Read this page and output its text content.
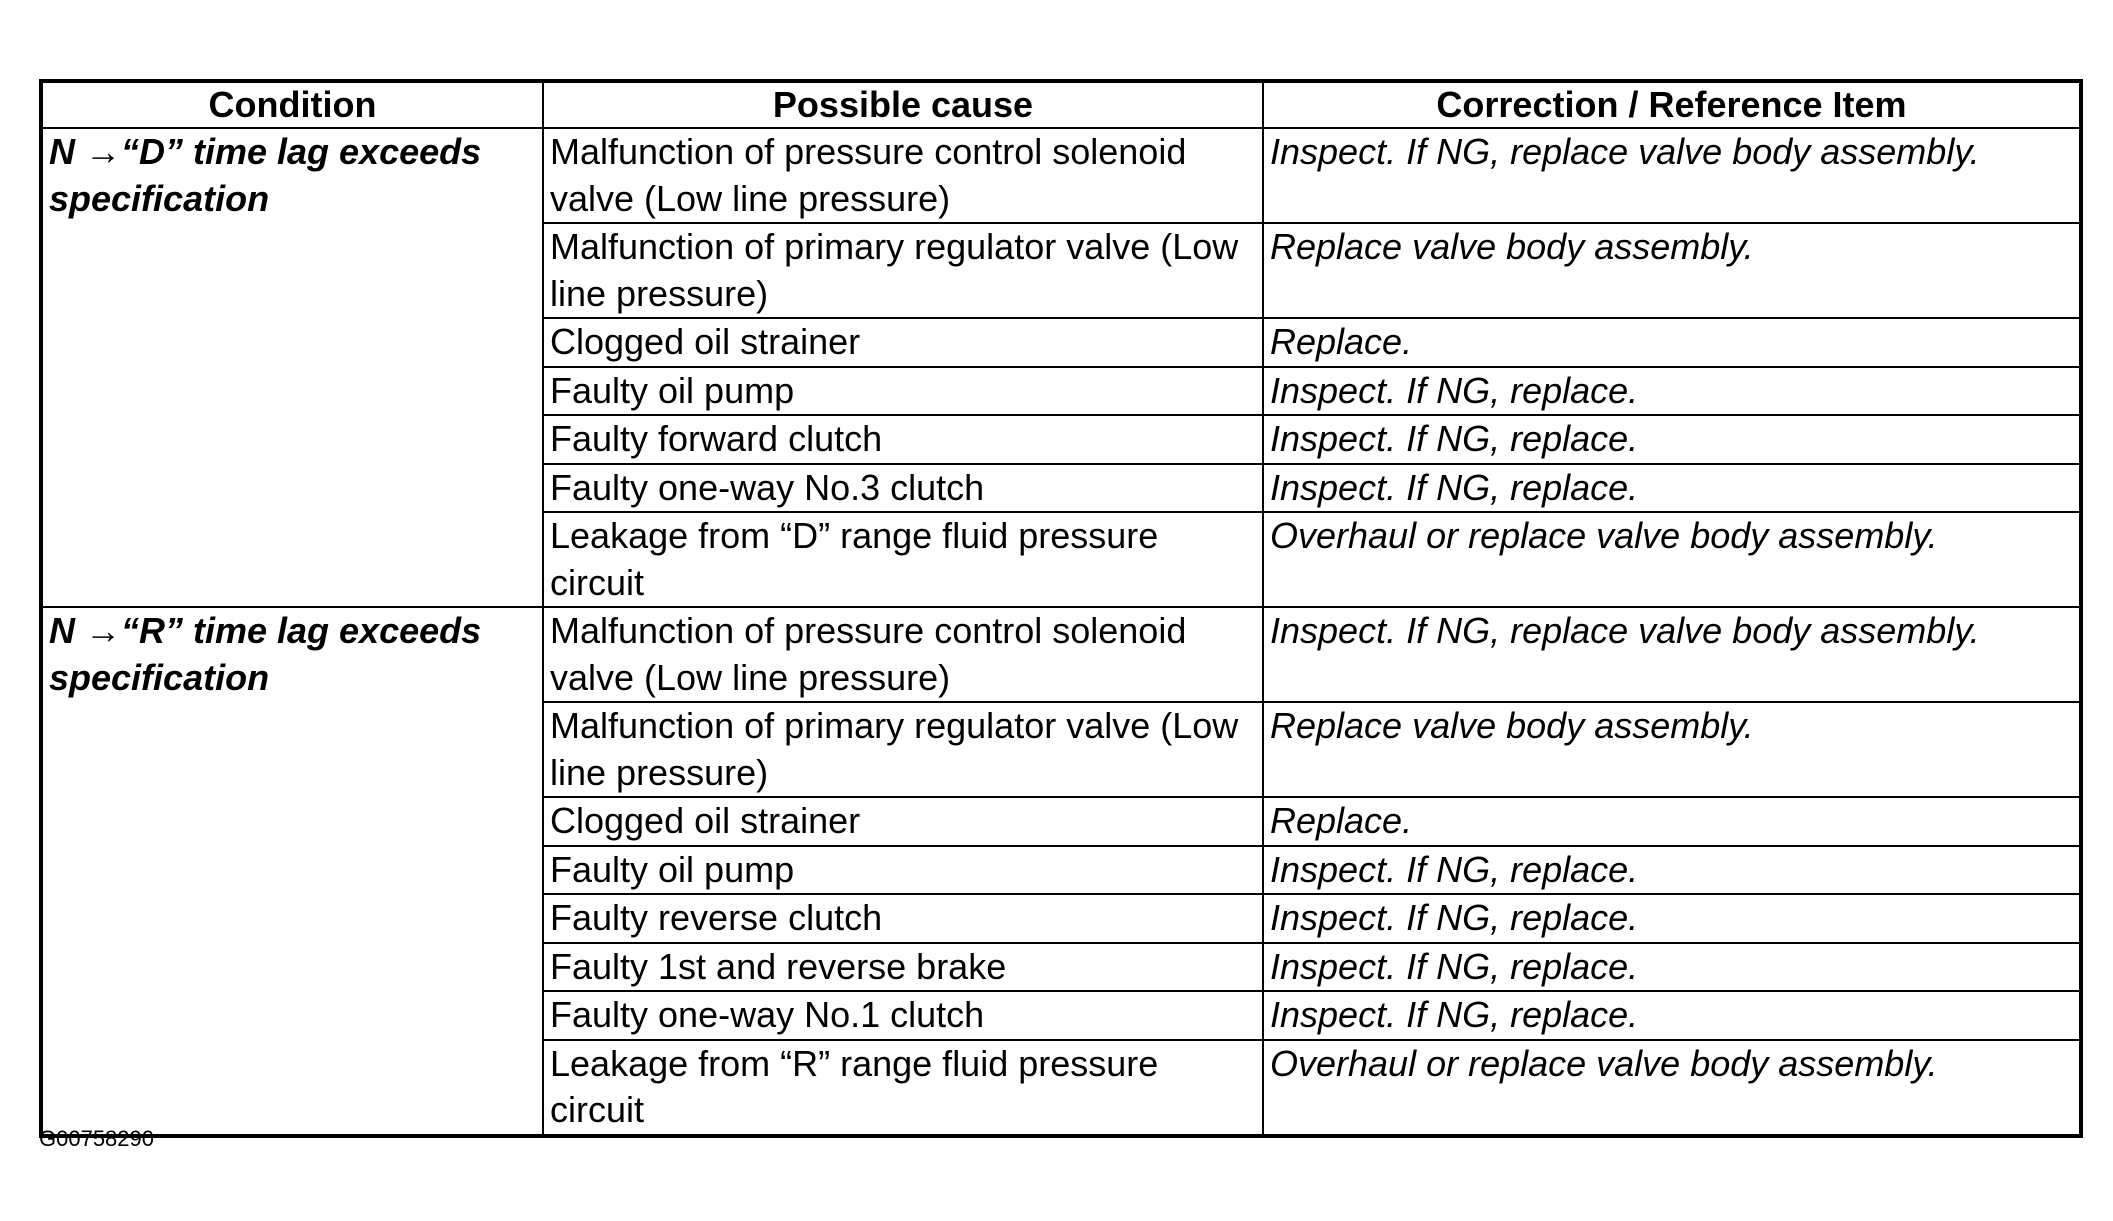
Condition	Possible cause	Correction / Reference Item
N →“D” time lag exceeds specification	Malfunction of pressure control solenoid valve (Low line pressure)	Inspect. If NG, replace valve body assembly.
	Malfunction of primary regulator valve (Low line pressure)	Replace valve body assembly.
	Clogged oil strainer	Replace.
	Faulty oil pump	Inspect. If NG, replace.
	Faulty forward clutch	Inspect. If NG, replace.
	Faulty one-way No.3 clutch	Inspect. If NG, replace.
	Leakage from “D” range fluid pressure circuit	Overhaul or replace valve body assembly.
N →“R” time lag exceeds specification	Malfunction of pressure control solenoid valve (Low line pressure)	Inspect. If NG, replace valve body assembly.
	Malfunction of primary regulator valve (Low line pressure)	Replace valve body assembly.
	Clogged oil strainer	Replace.
	Faulty oil pump	Inspect. If NG, replace.
	Faulty reverse clutch	Inspect. If NG, replace.
	Faulty 1st and reverse brake	Inspect. If NG, replace.
	Faulty one-way No.1 clutch	Inspect. If NG, replace.
	Leakage from “R” range fluid pressure circuit	Overhaul or replace valve body assembly.
G00758290
